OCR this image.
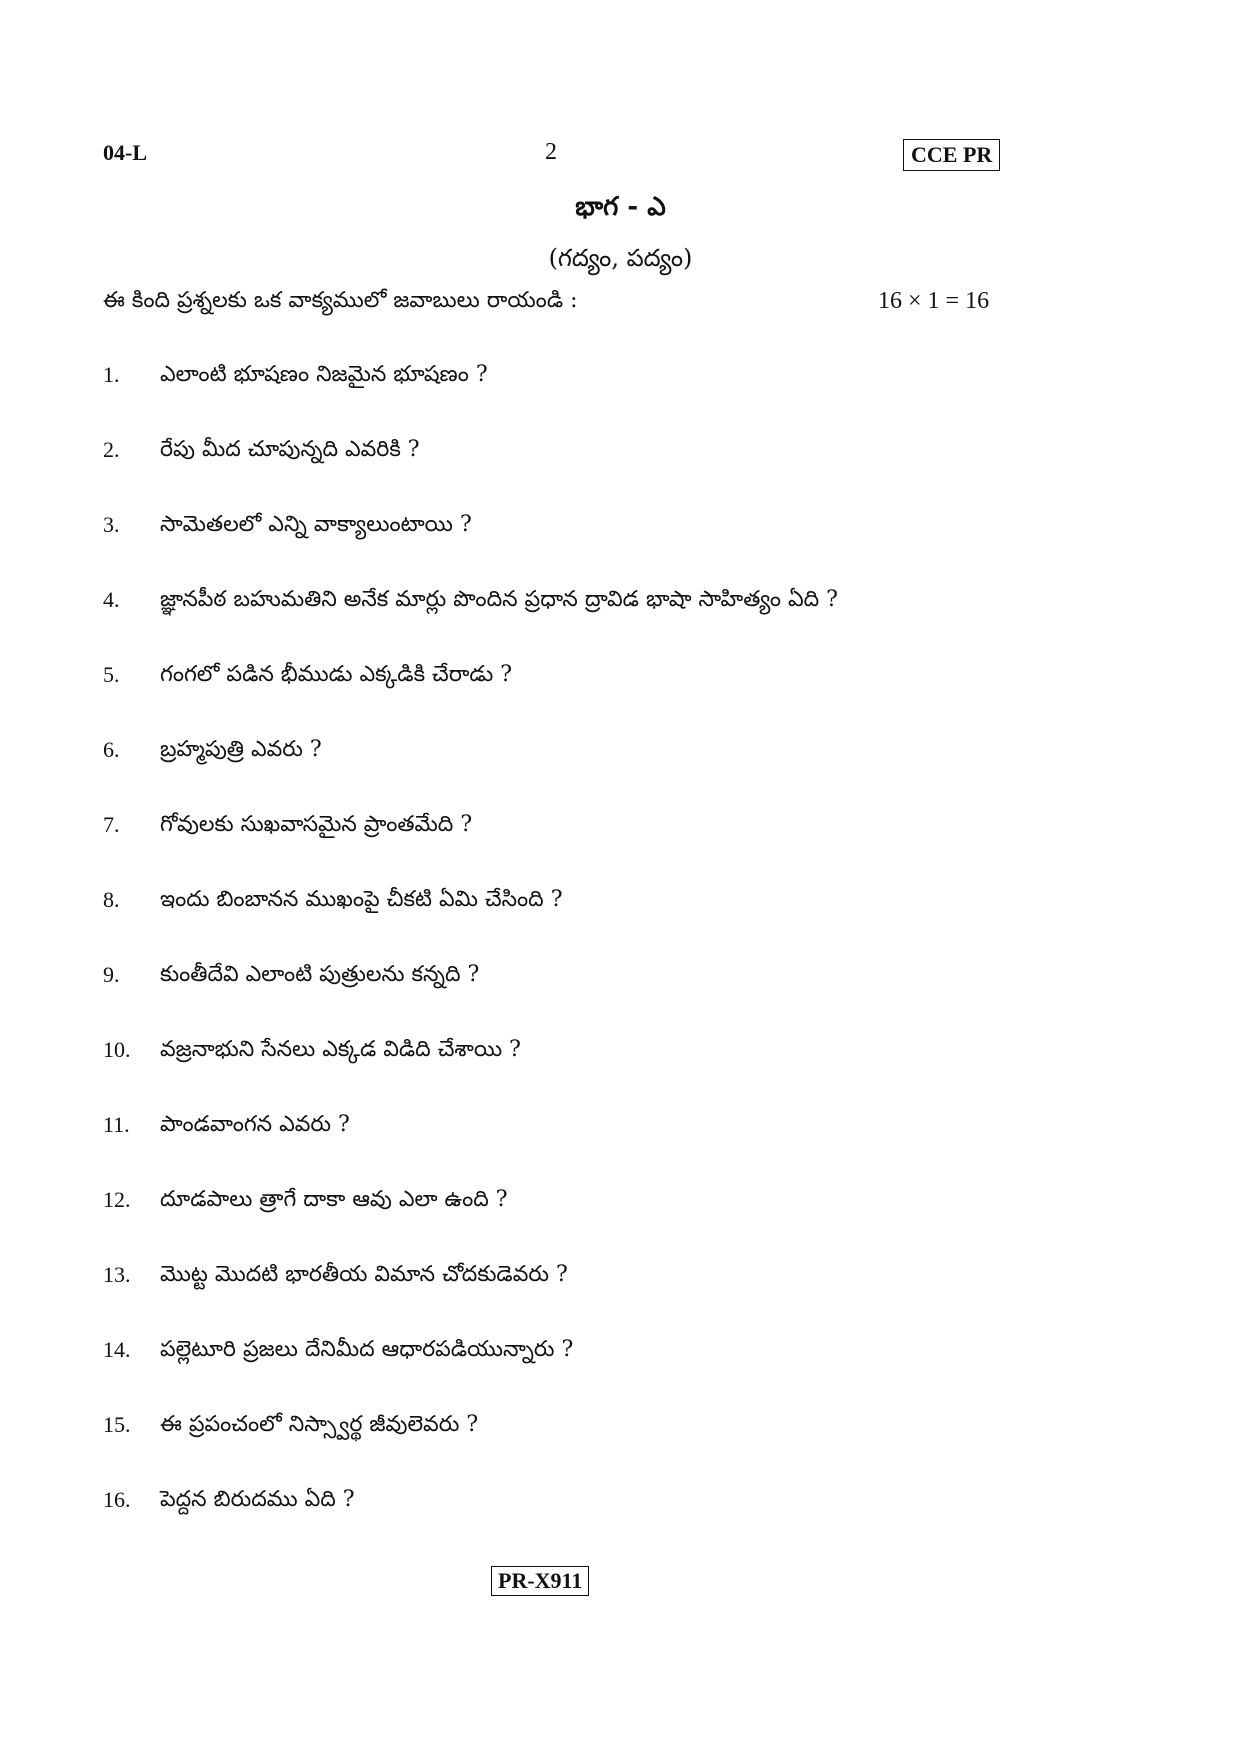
04-L	2	CCE PR
భాగ - ఎ
(గద్యం, పద్యం)
ఈ కింది ప్రశ్నలకు ఒక వాక్యములో జవాబులు రాయండి :	16 × 1 = 16
1. ఎలాంటి భూషణం నిజమైన భూషణం ?
2. రేపు మీద చూపున్నది ఎవరికి ?
3. సామెతలలో ఎన్ని వాక్యాలుంటాయి ?
4. జ్ఞానపీఠ బహుమతిని అనేక మార్లు పొందిన ప్రధాన ద్రావిడ భాషా సాహిత్యం ఏది ?
5. గంగలో పడిన భీముడు ఎక్కడికి చేరాడు ?
6. బ్రహ్మపుత్రి ఎవరు ?
7. గోవులకు సుఖవాసమైన ప్రాంతమేది ?
8. ఇందు బింబానన ముఖంపై చీకటి ఏమి చేసింది ?
9. కుంతీదేవి ఎలాంటి పుత్రులను కన్నది ?
10. వజ్రనాభుని సేనలు ఎక్కడ విడిది చేశాయి ?
11. పాండవాంగన ఎవరు ?
12. దూడపాలు త్రాగే దాకా ఆవు ఎలా ఉంది ?
13. మొట్ట మొదటి భారతీయ విమాన చోదకుడెవరు ?
14. పల్లెటూరి ప్రజలు దేనిమీద ఆధారపడియున్నారు ?
15. ఈ ప్రపంచంలో నిస్స్వార్థ జీవులెవరు ?
16. పెద్దన బిరుదము ఏది ?
PR-X911
